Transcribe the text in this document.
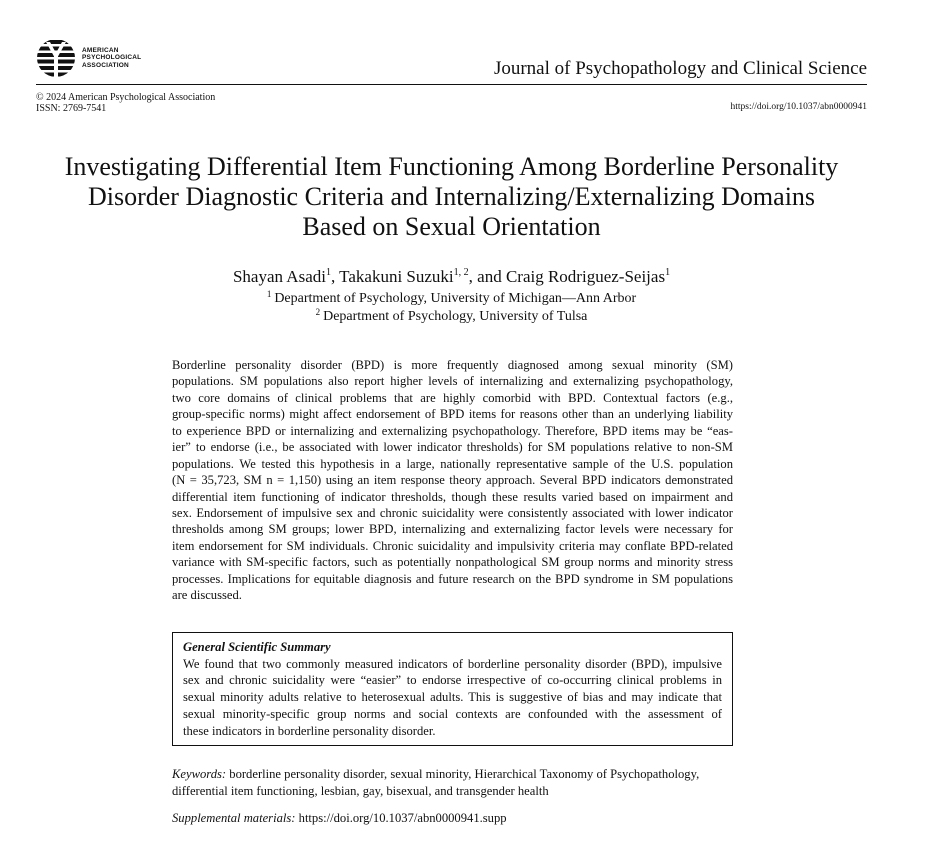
AMERICAN
PSYCHOLOGICAL
ASSOCIATION	Journal of Psychopathology and Clinical Science
© 2024 American Psychological Association
ISSN: 2769-7541	https://doi.org/10.1037/abn0000941
Investigating Differential Item Functioning Among Borderline Personality
Disorder Diagnostic Criteria and Internalizing/Externalizing Domains
Based on Sexual Orientation
Shayan Asadi$^1$, Takakuni Suzuki$^{1, 2}$, and Craig Rodriguez-Seijas$^1$
$^1$ Department of Psychology, University of Michigan—Ann Arbor
$^2$ Department of Psychology, University of Tulsa
Borderline personality disorder (BPD) is more frequently diagnosed among sexual minority (SM)
populations. SM populations also report higher levels of internalizing and externalizing psychopathology,
two core domains of clinical problems that are highly comorbid with BPD. Contextual factors (e.g.,
group-specific norms) might affect endorsement of BPD items for reasons other than an underlying liability
to experience BPD or internalizing and externalizing psychopathology. Therefore, BPD items may be “eas-
ier” to endorse (i.e., be associated with lower indicator thresholds) for SM populations relative to non-SM
populations. We tested this hypothesis in a large, nationally representative sample of the U.S. population
(N = 35,723, SM n = 1,150) using an item response theory approach. Several BPD indicators demonstrated
differential item functioning of indicator thresholds, though these results varied based on impairment and
sex. Endorsement of impulsive sex and chronic suicidality were consistently associated with lower indicator
thresholds among SM groups; lower BPD, internalizing and externalizing factor levels were necessary for
item endorsement for SM individuals. Chronic suicidality and impulsivity criteria may conflate BPD-related
variance with SM-specific factors, such as potentially nonpathological SM group norms and minority stress
processes. Implications for equitable diagnosis and future research on the BPD syndrome in SM populations
are discussed.
General Scientific Summary
We found that two commonly measured indicators of borderline personality disorder (BPD), impulsive
sex and chronic suicidality were “easier” to endorse irrespective of co-occurring clinical problems in
sexual minority adults relative to heterosexual adults. This is suggestive of bias and may indicate that
sexual minority-specific group norms and social contexts are confounded with the assessment of
these indicators in borderline personality disorder.
Keywords: borderline personality disorder, sexual minority, Hierarchical Taxonomy of Psychopathology,
differential item functioning, lesbian, gay, bisexual, and transgender health
Supplemental materials: https://doi.org/10.1037/abn0000941.supp
